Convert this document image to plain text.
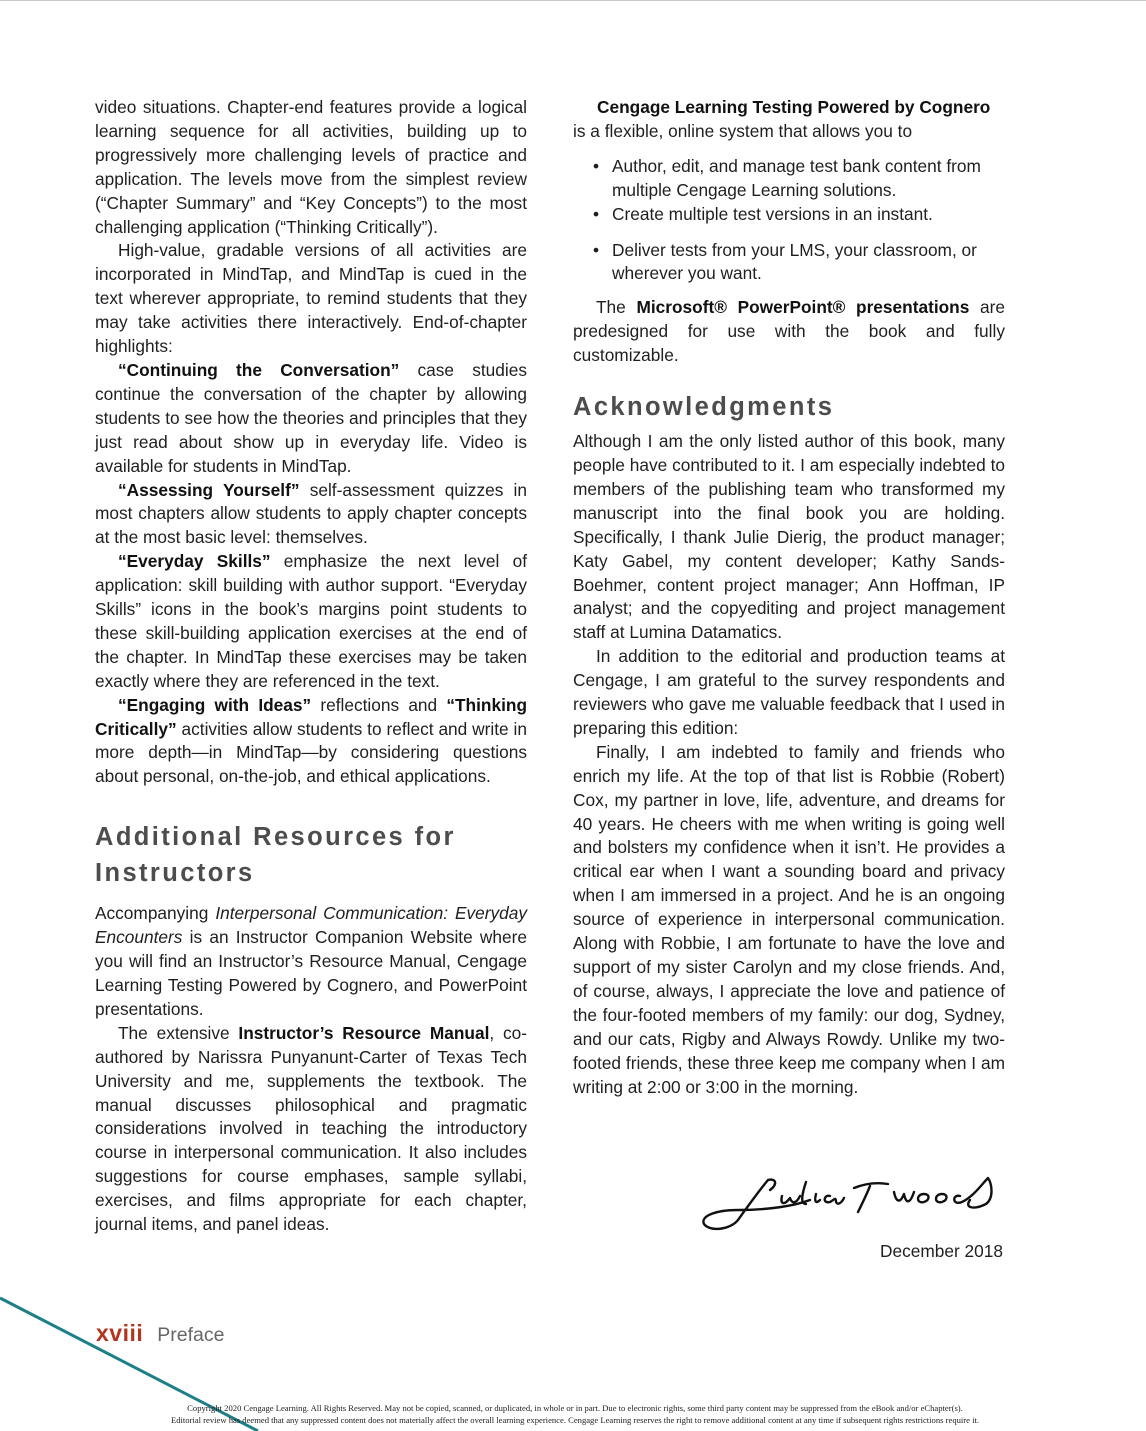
video situations. Chapter-end features provide a logical learning sequence for all activities, building up to progressively more challenging levels of practice and application. The levels move from the simplest review (“Chapter Summary” and “Key Concepts”) to the most challenging application (“Thinking Critically”).

High-value, gradable versions of all activities are incorporated in MindTap, and MindTap is cued in the text wherever appropriate, to remind students that they may take activities there interactively. End-of-chapter highlights:

“Continuing the Conversation” case studies continue the conversation of the chapter by allowing students to see how the theories and principles that they just read about show up in everyday life. Video is available for students in MindTap.

“Assessing Yourself” self-assessment quizzes in most chapters allow students to apply chapter concepts at the most basic level: themselves.

“Everyday Skills” emphasize the next level of application: skill building with author support. “Everyday Skills” icons in the book’s margins point students to these skill-building application exercises at the end of the chapter. In MindTap these exercises may be taken exactly where they are referenced in the text.

“Engaging with Ideas” reflections and “Thinking Critically” activities allow students to reflect and write in more depth—in MindTap—by considering questions about personal, on-the-job, and ethical applications.

Additional Resources for Instructors

Accompanying Interpersonal Communication: Everyday Encounters is an Instructor Companion Website where you will find an Instructor’s Resource Manual, Cengage Learning Testing Powered by Cognero, and PowerPoint presentations.

The extensive Instructor’s Resource Manual, co-authored by Narissra Punyanunt-Carter of Texas Tech University and me, supplements the textbook. The manual discusses philosophical and pragmatic considerations involved in teaching the introductory course in interpersonal communication. It also includes suggestions for course emphases, sample syllabi, exercises, and films appropriate for each chapter, journal items, and panel ideas.

Cengage Learning Testing Powered by Cognero

is a flexible, online system that allows you to

• Author, edit, and manage test bank content from multiple Cengage Learning solutions.
• Create multiple test versions in an instant.
• Deliver tests from your LMS, your classroom, or wherever you want.

The Microsoft® PowerPoint® presentations are predesigned for use with the book and fully customizable.

Acknowledgments

Although I am the only listed author of this book, many people have contributed to it. I am especially indebted to members of the publishing team who transformed my manuscript into the final book you are holding. Specifically, I thank Julie Dierig, the product manager; Katy Gabel, my content developer; Kathy Sands-Boehmer, content project manager; Ann Hoffman, IP analyst; and the copyediting and project management staff at Lumina Datamatics.

In addition to the editorial and production teams at Cengage, I am grateful to the survey respondents and reviewers who gave me valuable feedback that I used in preparing this edition:

Finally, I am indebted to family and friends who enrich my life. At the top of that list is Robbie (Robert) Cox, my partner in love, life, adventure, and dreams for 40 years. He cheers with me when writing is going well and bolsters my confidence when it isn’t. He provides a critical ear when I want a sounding board and privacy when I am immersed in a project. And he is an ongoing source of experience in interpersonal communication. Along with Robbie, I am fortunate to have the love and support of my sister Carolyn and my close friends. And, of course, always, I appreciate the love and patience of the four-footed members of my family: our dog, Sydney, and our cats, Rigby and Always Rowdy. Unlike my two-footed friends, these three keep me company when I am writing at 2:00 or 3:00 in the morning.

Julia T Wood
December 2018
xviii Preface
Copyright 2020 Cengage Learning. All Rights Reserved. May not be copied, scanned, or duplicated, in whole or in part. Due to electronic rights, some third party content may be suppressed from the eBook and/or eChapter(s).
Editorial review has deemed that any suppressed content does not materially affect the overall learning experience. Cengage Learning reserves the right to remove additional content at any time if subsequent rights restrictions require it.
